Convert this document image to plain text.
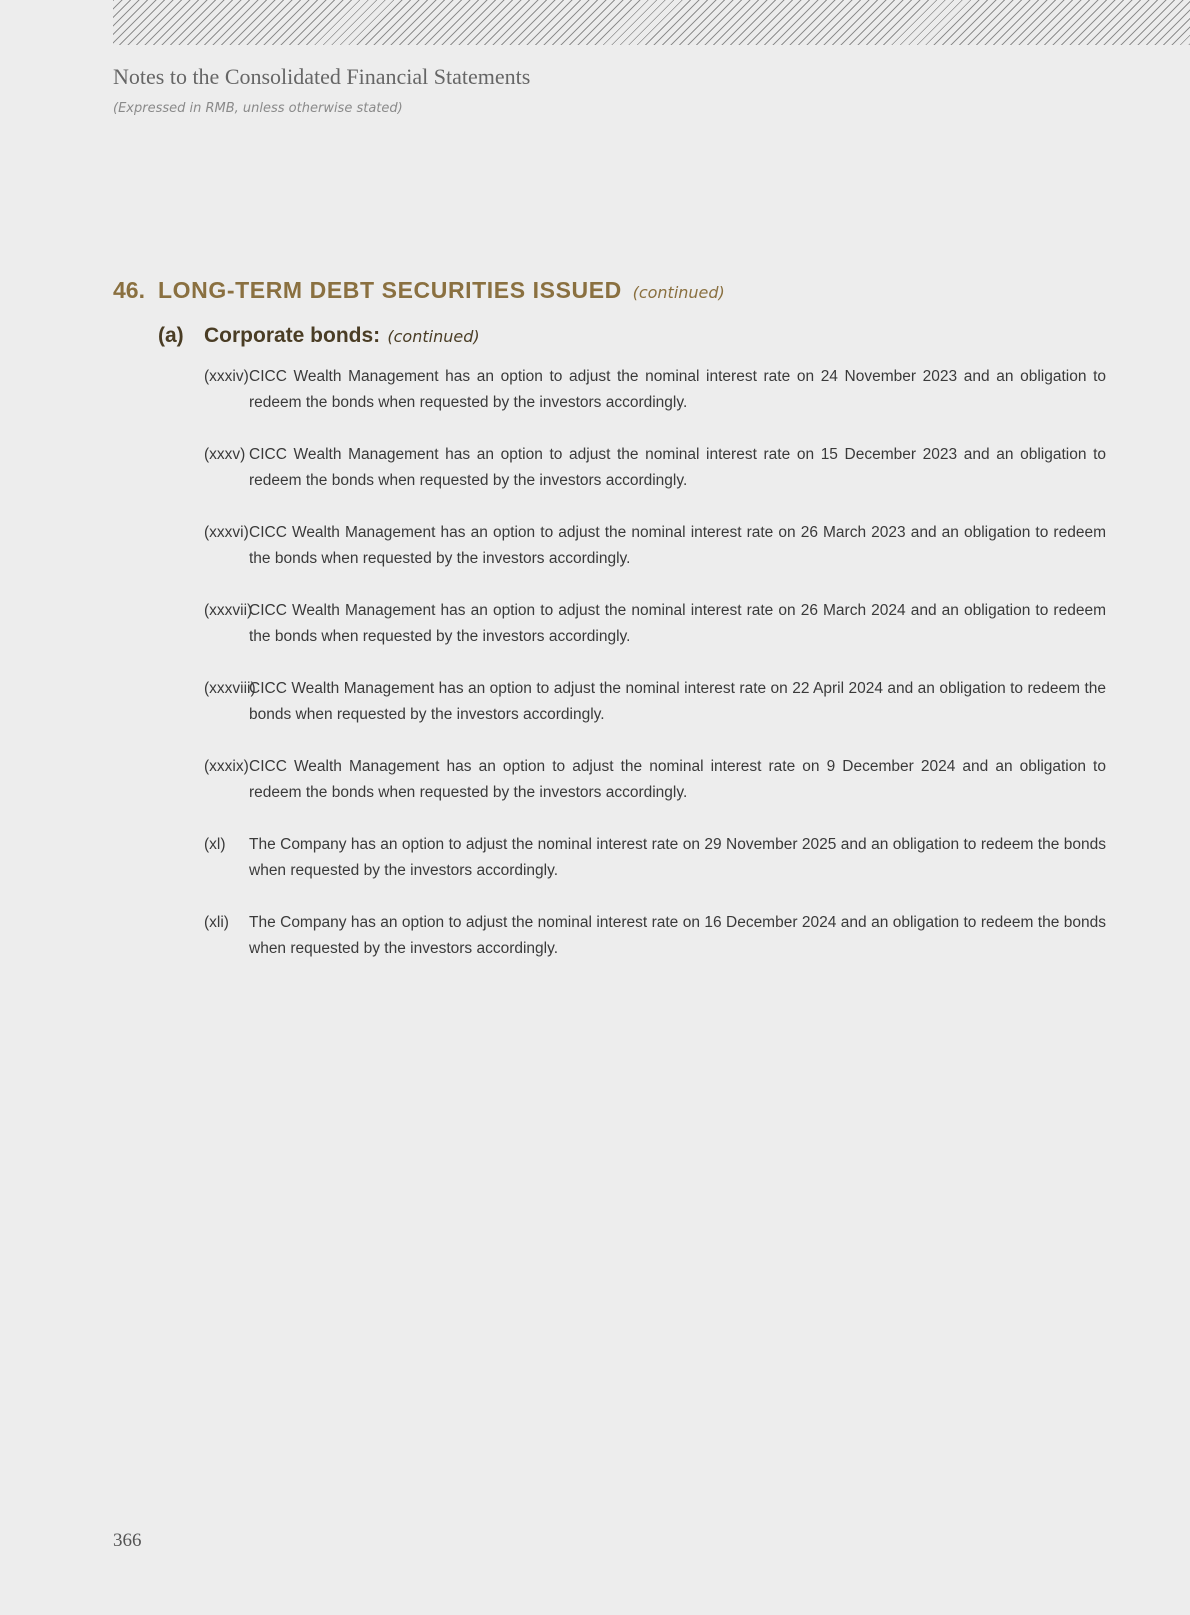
Notes to the Consolidated Financial Statements

(Expressed in RMB, unless otherwise stated)

46. LONG-TERM DEBT SECURITIES ISSUED (continued)
(a) Corporate bonds: (continued)
(xxxiv) CICC Wealth Management has an option to adjust the nominal interest rate on 24 November 2023 and an obligation to redeem the bonds when requested by the investors accordingly.
(xxxv) CICC Wealth Management has an option to adjust the nominal interest rate on 15 December 2023 and an obligation to redeem the bonds when requested by the investors accordingly.
(xxxvi) CICC Wealth Management has an option to adjust the nominal interest rate on 26 March 2023 and an obligation to redeem the bonds when requested by the investors accordingly.
(xxxvii)
CICC Wealth Management has an option to adjust the nominal interest rate on 26 March 2024 and an obligation to redeem the bonds when requested by the investors accordingly.
(xxxviii)
CICC Wealth Management has an option to adjust the nominal interest rate on 22 April 2024 and an obligation to redeem the bonds when requested by the investors accordingly.
(xxxix) CICC Wealth Management has an option to adjust the nominal interest rate on 9 December 2024 and an obligation to redeem the bonds when requested by the investors accordingly.
(xl) The Company has an option to adjust the nominal interest rate on 29 November 2025 and an obligation to redeem the bonds when requested by the investors accordingly.
(xli) The Company has an option to adjust the nominal interest rate on 16 December 2024 and an obligation to redeem the bonds when requested by the investors accordingly.

366
